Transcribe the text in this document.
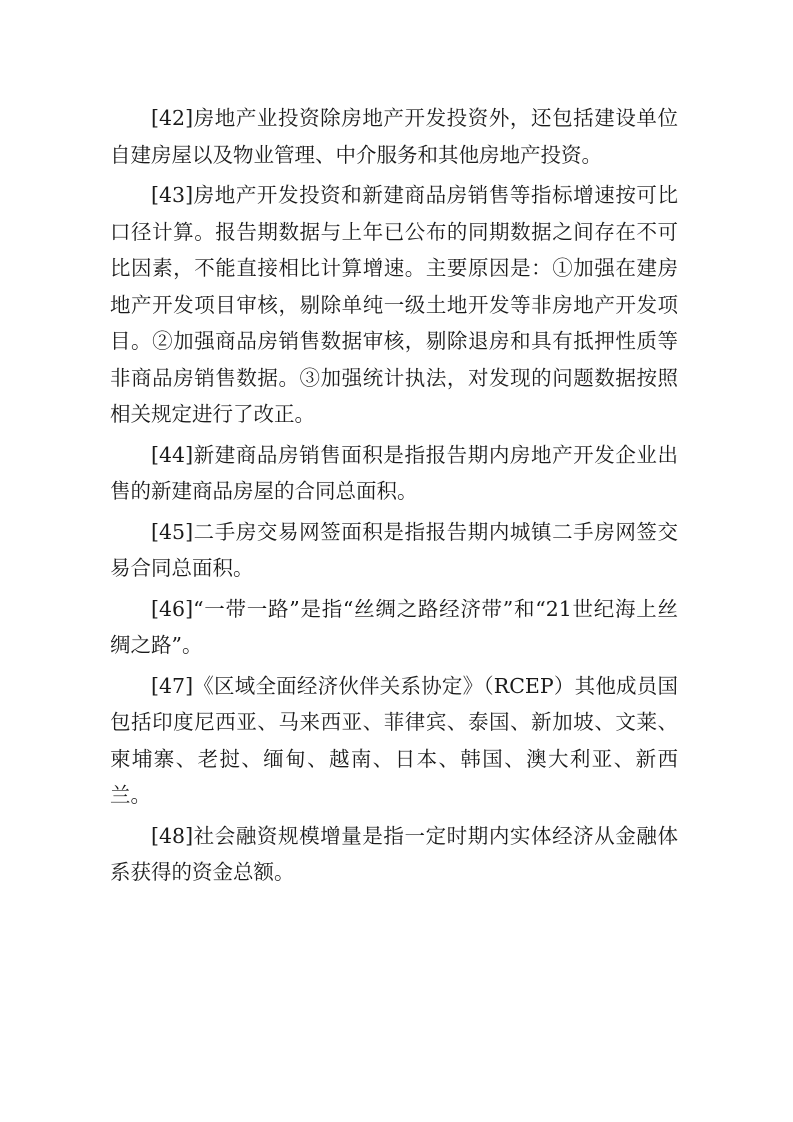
[42]房地产业投资除房地产开发投资外，还包括建设单位自建房屋以及物业管理、中介服务和其他房地产投资。

[43]房地产开发投资和新建商品房销售等指标增速按可比口径计算。报告期数据与上年已公布的同期数据之间存在不可比因素，不能直接相比计算增速。主要原因是：①加强在建房地产开发项目审核，剔除单纯一级土地开发等非房地产开发项目。②加强商品房销售数据审核，剔除退房和具有抵押性质等非商品房销售数据。③加强统计执法，对发现的问题数据按照相关规定进行了改正。

[44]新建商品房销售面积是指报告期内房地产开发企业出售的新建商品房屋的合同总面积。

[45]二手房交易网签面积是指报告期内城镇二手房网签交易合同总面积。

[46]“一带一路”是指“丝绸之路经济带”和“21世纪海上丝绸之路”。

[47]《区域全面经济伙伴关系协定》（RCEP）其他成员国包括印度尼西亚、马来西亚、菲律宾、泰国、新加坡、文莱、柬埔寨、老挝、缅甸、越南、日本、韩国、澳大利亚、新西兰。

[48]社会融资规模增量是指一定时期内实体经济从金融体系获得的资金总额。
